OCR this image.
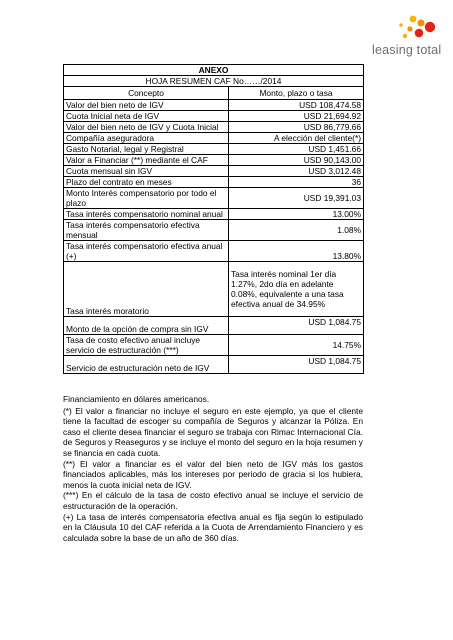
leasing total
ANEXO	
HOJA RESUMEN CAF No……/2014	
Concepto	Monto, plazo o tasa
Valor del bien neto de IGV	USD 108,474.58
Cuota Inicial neta de IGV	USD 21,694.92
Valor del bien neto de IGV y Cuota Inicial	USD 86,779.66
Compañía aseguradora	A elección del cliente(*)
Gasto Notarial, legal y Registral	USD 1,451.66
Valor a Financiar (**) mediante el CAF	USD 90,143.00
Cuota mensual sin IGV	USD 3,012.48
Plazo del contrato en meses	36
Monto Interés compensatorio por todo el plazo	USD 19,391.03
Tasa interés compensatorio nominal anual	13.00%
Tasa interés compensatorio efectiva mensual	1.08%
Tasa interés compensatorio efectiva anual (+)	13.80%
Tasa interés moratorio	Tasa interés nominal 1er día 1.27%, 2do día en adelante 0.08%, equivalente a una tasa efectiva anual de 34.95%
Monto de la opción de compra sin IGV	USD 1,084.75
Tasa de costo efectivo anual incluye servicio de estructuración (***)	14.75%
Servicio de estructuración neto de IGV	USD 1,084.75

Financiamiento en dólares americanos.

(*) El valor a financiar no incluye el seguro en este ejemplo, ya que el cliente tiene la facultad de escoger su compañía de Seguros y alcanzar la Póliza. En caso el cliente desea financiar el seguro se trabaja con Rimac Internacional Cía. de Seguros y Reaseguros y se incluye el monto del seguro en la hoja resumen y se financia en cada cuota.

(**) El valor a financiar es el valor del bien neto de IGV más los gastos financiados aplicables, más los intereses por periodo de gracia si los hubiera, menos la cuota inicial neta de IGV.

(***) En el cálculo de la tasa de costo efectivo anual se incluye el servicio de estructuración de la operación.

(+) La tasa de interés compensatoria efectiva anual es fija según lo estipulado en la Cláusula 10 del CAF referida a la Cuota de Arrendamiento Financiero y es calculada sobre la base de un año de 360 días.
